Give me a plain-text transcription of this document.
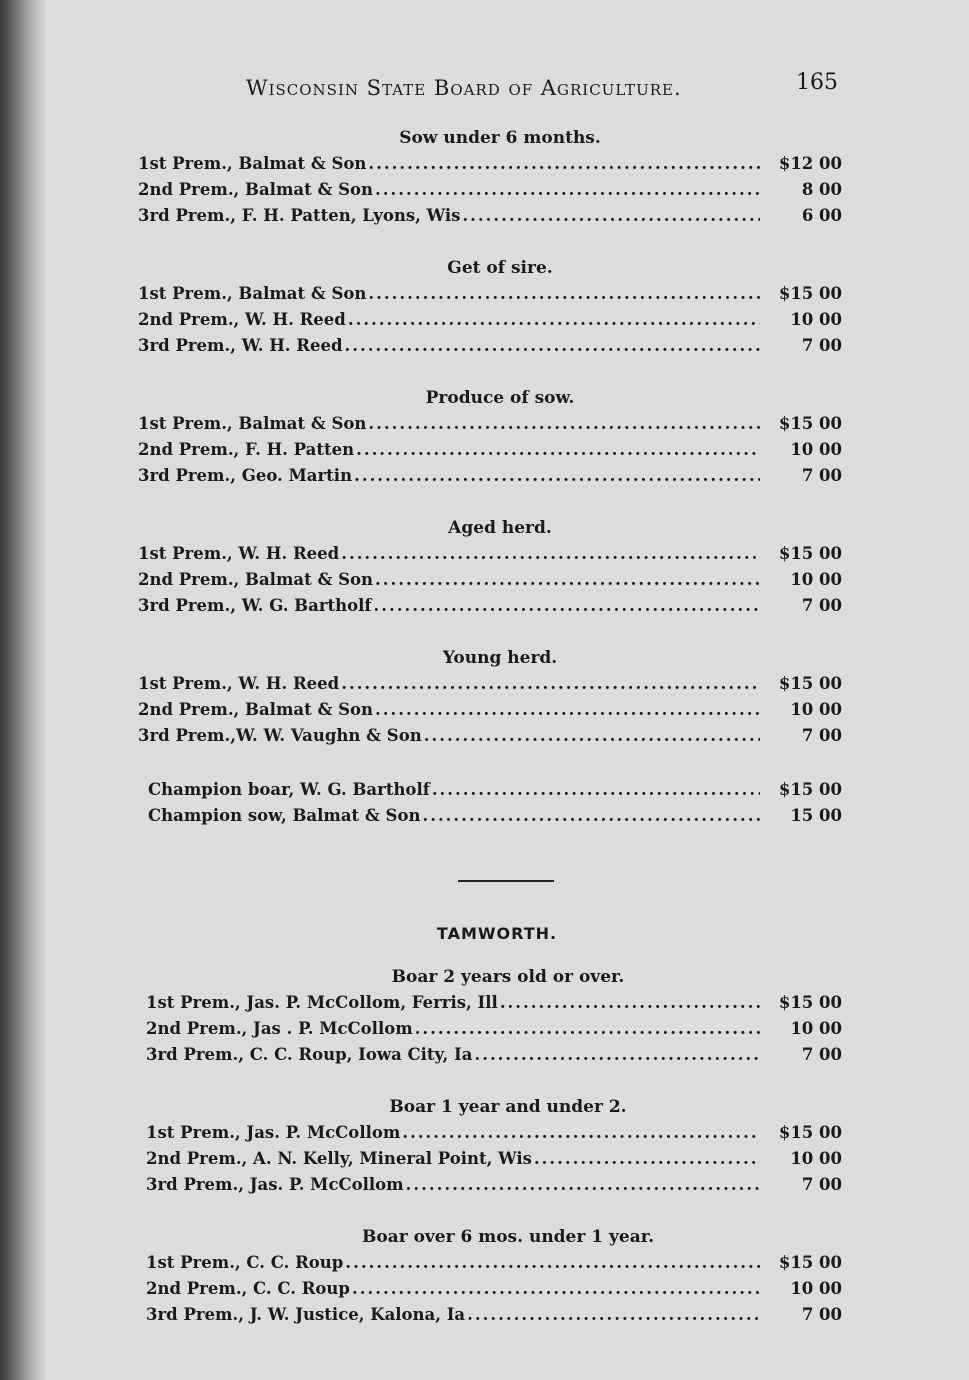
Wisconsin State Board of Agriculture.	165
Sow under 6 months.
1st Prem., Balmat & Son .....	$12 00
2nd Prem., Balmat & Son .....	8 00
3rd Prem., F. H. Patten, Lyons, Wis .....	6 00
Get of sire.
1st Prem., Balmat & Son .....	$15 00
2nd Prem., W. H. Reed .....	10 00
3rd Prem., W. H. Reed .....	7 00
Produce of sow.
1st Prem., Balmat & Son .....	$15 00
2nd Prem., F. H. Patten .....	10 00
3rd Prem., Geo. Martin .....	7 00
Aged herd.
1st Prem., W. H. Reed .....	$15 00
2nd Prem., Balmat & Son .....	10 00
3rd Prem., W. G. Bartholf .....	7 00
Young herd.
1st Prem., W. H. Reed .....	$15 00
2nd Prem., Balmat & Son .....	10 00
3rd Prem.,W. W. Vaughn & Son .....	7 00
Champion boar, W. G. Bartholf .....	$15 00
Champion sow, Balmat & Son .....	15 00
TAMWORTH.
Boar 2 years old or over.
1st Prem., Jas. P. McCollom, Ferris, Ill .....	$15 00
2nd Prem., Jas . P. McCollom .....	10 00
3rd Prem., C. C. Roup, Iowa City, Ia .....	7 00
Boar 1 year and under 2.
1st Prem., Jas. P. McCollom .....	$15 00
2nd Prem., A. N. Kelly, Mineral Point, Wis .....	10 00
3rd Prem., Jas. P. McCollom .....	7 00
Boar over 6 mos. under 1 year.
1st Prem., C. C. Roup .....	$15 00
2nd Prem., C. C. Roup .....	10 00
3rd Prem., J. W. Justice, Kalona, Ia .....	7 00
